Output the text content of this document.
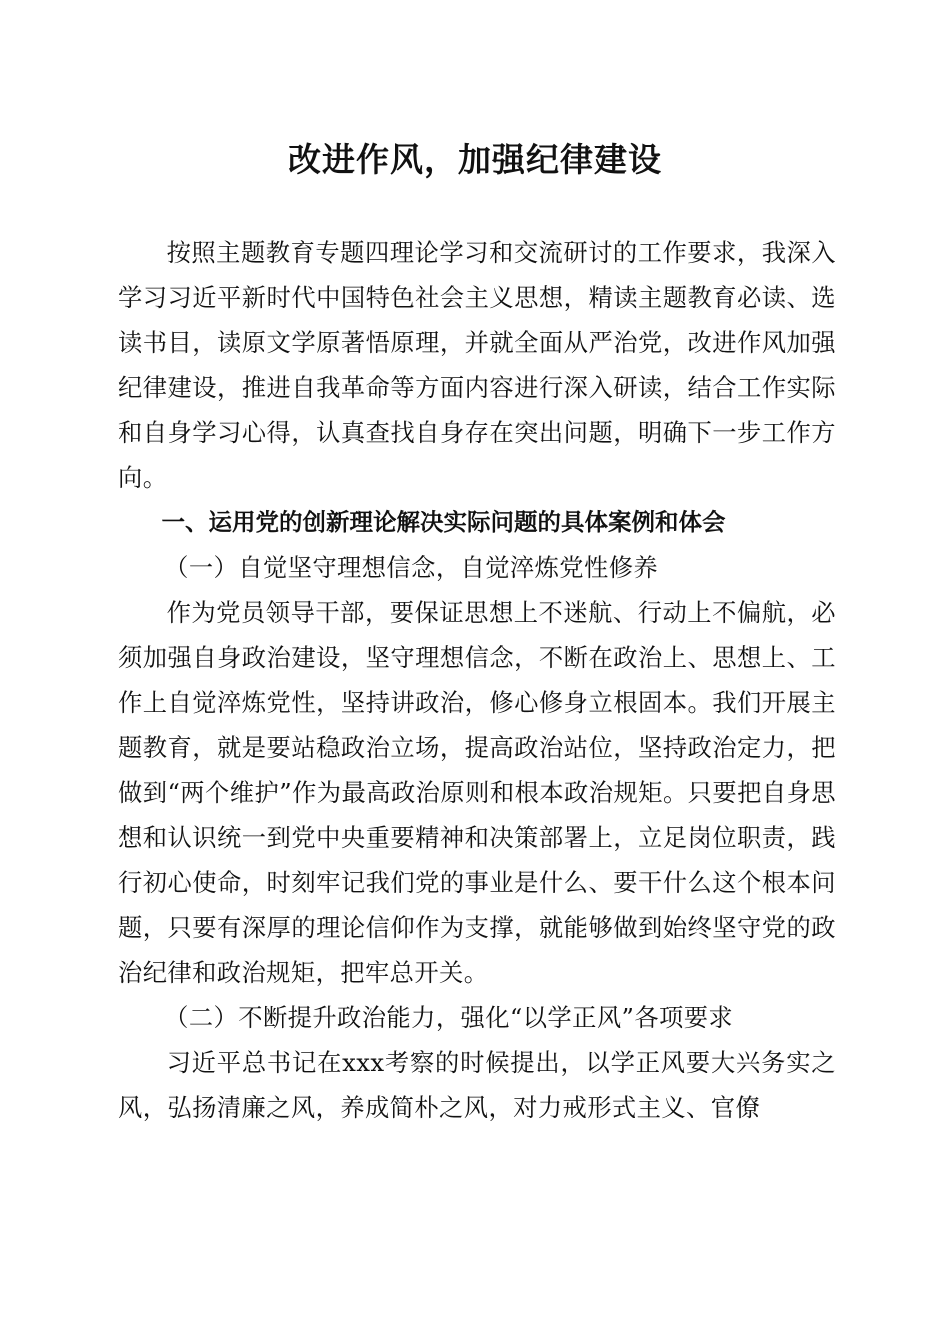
改进作风，加强纪律建设

按照主题教育专题四理论学习和交流研讨的工作要求，我深入学习习近平新时代中国特色社会主义思想，精读主题教育必读、选读书目，读原文学原著悟原理，并就全面从严治党，改进作风加强纪律建设，推进自我革命等方面内容进行深入研读，结合工作实际和自身学习心得，认真查找自身存在突出问题，明确下一步工作方向。

一、运用党的创新理论解决实际问题的具体案例和体会

（一）自觉坚守理想信念，自觉淬炼党性修养

作为党员领导干部，要保证思想上不迷航、行动上不偏航，必须加强自身政治建设，坚守理想信念，不断在政治上、思想上、工作上自觉淬炼党性，坚持讲政治，修心修身立根固本。我们开展主题教育，就是要站稳政治立场，提高政治站位，坚持政治定力，把做到“两个维护”作为最高政治原则和根本政治规矩。只要把自身思想和认识统一到党中央重要精神和决策部署上，立足岗位职责，践行初心使命，时刻牢记我们党的事业是什么、要干什么这个根本问题，只要有深厚的理论信仰作为支撑，就能够做到始终坚守党的政治纪律和政治规矩，把牢总开关。

（二）不断提升政治能力，强化“以学正风”各项要求

习近平总书记在xxx考察的时候提出，以学正风要大兴务实之风，弘扬清廉之风，养成简朴之风，对力戒形式主义、官僚
